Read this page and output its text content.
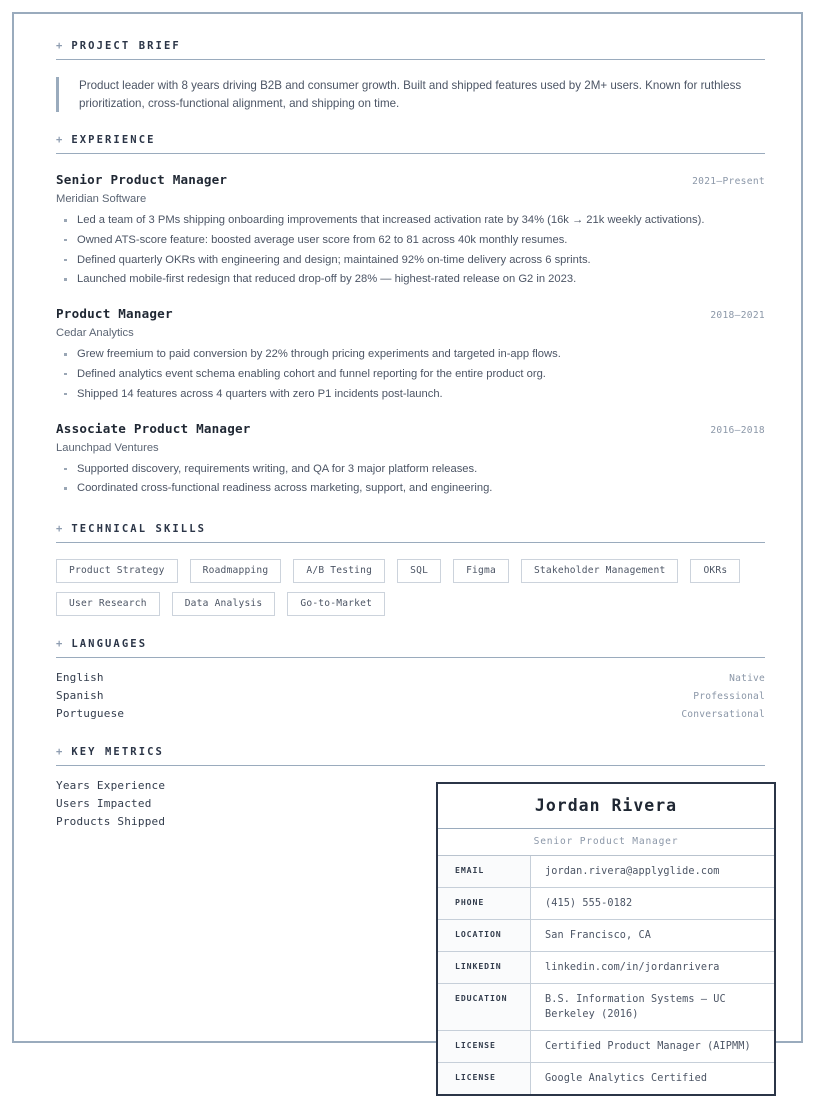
+ PROJECT BRIEF
Product leader with 8 years driving B2B and consumer growth. Built and shipped features used by 2M+ users. Known for ruthless prioritization, cross-functional alignment, and shipping on time.
+ EXPERIENCE
Senior Product Manager	2021–Present
Meridian Software
Led a team of 3 PMs shipping onboarding improvements that increased activation rate by 34% (16k → 21k weekly activations).
Owned ATS-score feature: boosted average user score from 62 to 81 across 40k monthly resumes.
Defined quarterly OKRs with engineering and design; maintained 92% on-time delivery across 6 sprints.
Launched mobile-first redesign that reduced drop-off by 28% — highest-rated release on G2 in 2023.
Product Manager	2018–2021
Cedar Analytics
Grew freemium to paid conversion by 22% through pricing experiments and targeted in-app flows.
Defined analytics event schema enabling cohort and funnel reporting for the entire product org.
Shipped 14 features across 4 quarters with zero P1 incidents post-launch.
Associate Product Manager	2016–2018
Launchpad Ventures
Supported discovery, requirements writing, and QA for 3 major platform releases.
Coordinated cross-functional readiness across marketing, support, and engineering.
+ TECHNICAL SKILLS
Product Strategy	Roadmapping	A/B Testing	SQL	Figma	Stakeholder Management	OKRs
User Research	Data Analysis	Go-to-Market
+ LANGUAGES
English	Native
Spanish	Professional
Portuguese	Conversational
+ KEY METRICS
Years Experience
Users Impacted
Products Shipped
Jordan Rivera
Senior Product Manager
EMAIL	jordan.rivera@applyglide.com
PHONE	(415) 555-0182
LOCATION	San Francisco, CA
LINKEDIN	linkedin.com/in/jordanrivera
EDUCATION	B.S. Information Systems — UC Berkeley (2016)
LICENSE	Certified Product Manager (AIPMM)
LICENSE	Google Analytics Certified
